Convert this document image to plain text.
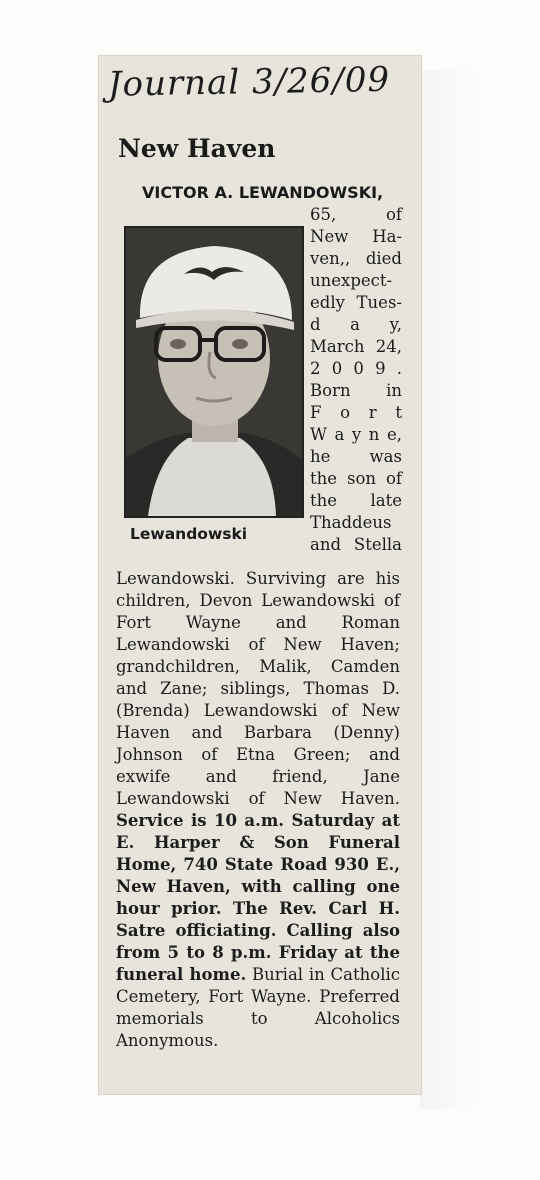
Journal 3/26/09
New Haven
VICTOR A. LEWANDOWSKI,
Lewandowski
65, of
New Ha-
ven,, died
unexpect-
edly Tues-
d a y,
March 24,
2 0 0 9 .
Born in
F o r t
W a y n e,
he was
the son of
the late
Thaddeus
and Stella
Lewandowski. Surviving are his children, Devon Lewandowski of Fort Wayne and Roman Lewandowski of New Haven; grandchildren, Malik, Camden and Zane; siblings, Thomas D. (Brenda) Lewandowski of New Haven and Barbara (Denny) Johnson of Etna Green; and exwife and friend, Jane Lewandowski of New Haven. Service is 10 a.m. Saturday at E. Harper & Son Funeral Home, 740 State Road 930 E., New Haven, with calling one hour prior. The Rev. Carl H. Satre officiating. Calling also from 5 to 8 p.m. Friday at the funeral home. Burial in Catholic Cemetery, Fort Wayne. Preferred memorials to Alcoholics Anonymous.
